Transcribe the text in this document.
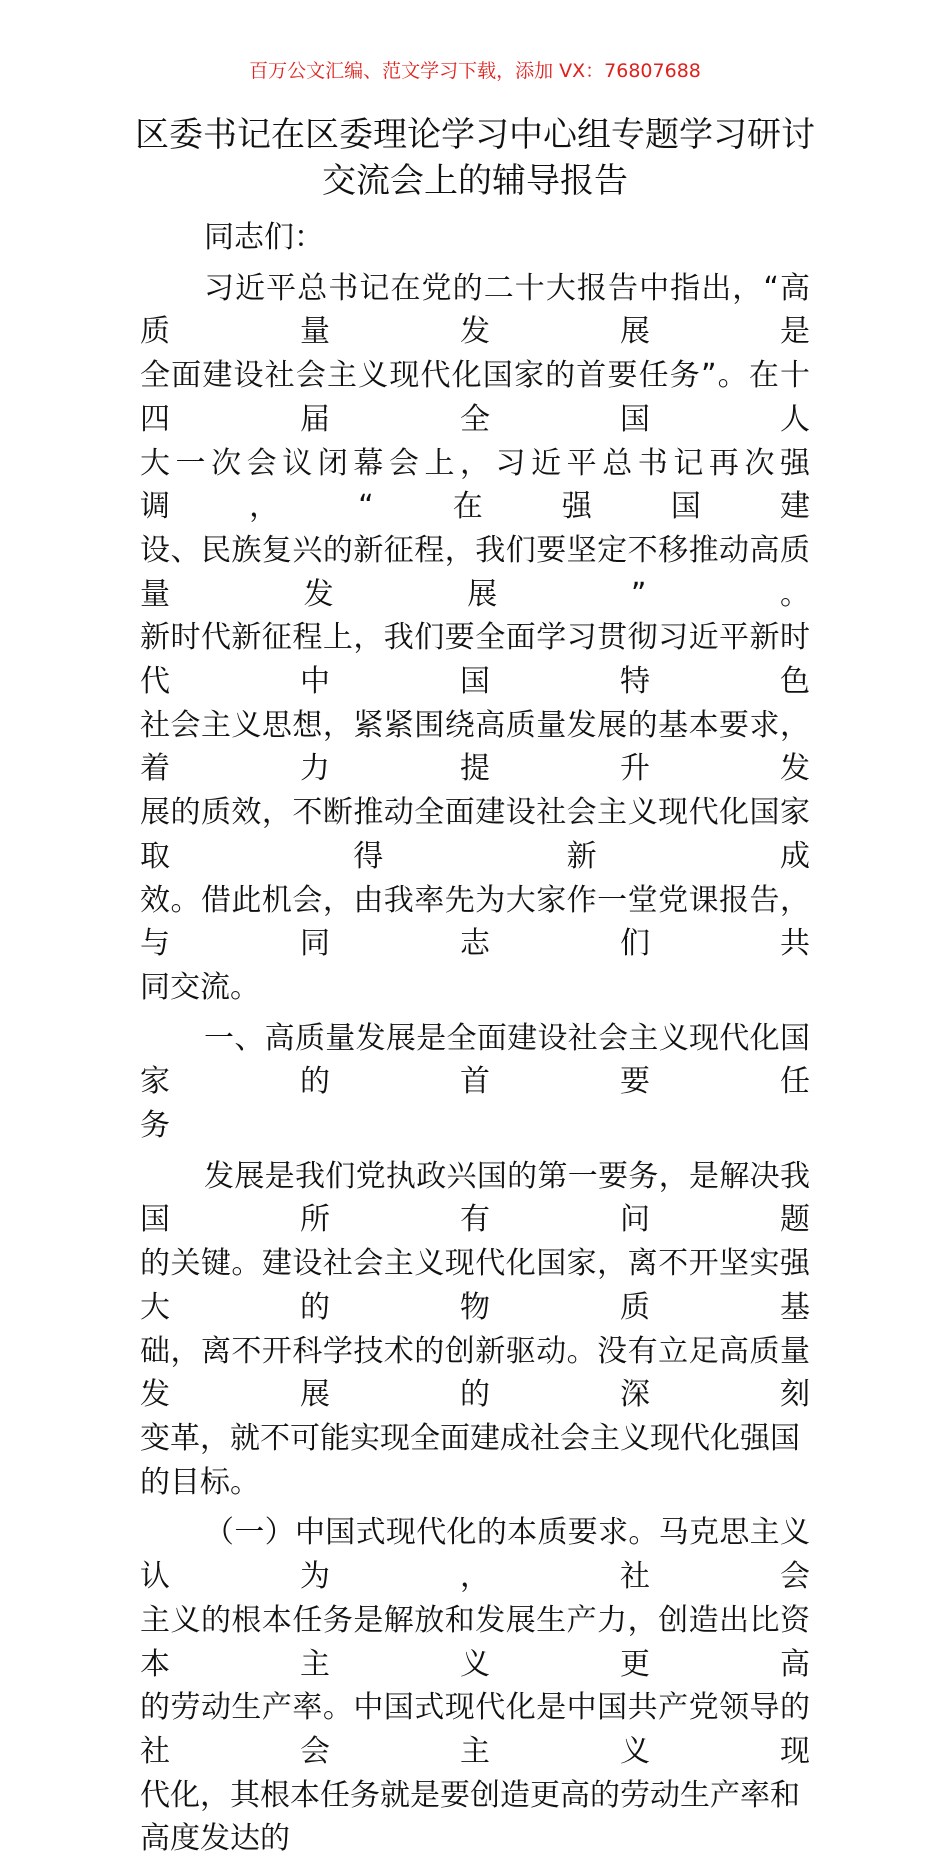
百万公文汇编、范文学习下载，添加 VX：76807688
区委书记在区委理论学习中心组专题学习研讨
交流会上的辅导报告
同志们：
习近平总书记在党的二十大报告中指出，“高质量发展是
全面建设社会主义现代化国家的首要任务”。在十四届全国人
大一次会议闭幕会上，习近平总书记再次强调，“在强国建
设、民族复兴的新征程，我们要坚定不移推动高质量发展”。
新时代新征程上，我们要全面学习贯彻习近平新时代中国特色
社会主义思想，紧紧围绕高质量发展的基本要求，着力提升发
展的质效，不断推动全面建设社会主义现代化国家取得新成
效。借此机会，由我率先为大家作一堂党课报告，与同志们共
同交流。
一、高质量发展是全面建设社会主义现代化国家的首要任
务
发展是我们党执政兴国的第一要务，是解决我国所有问题
的关键。建设社会主义现代化国家，离不开坚实强大的物质基
础，离不开科学技术的创新驱动。没有立足高质量发展的深刻
变革，就不可能实现全面建成社会主义现代化强国的目标。
（一）中国式现代化的本质要求。马克思主义认为，社会
主义的根本任务是解放和发展生产力，创造出比资本主义更高
的劳动生产率。中国式现代化是中国共产党领导的社会主义现
代化，其根本任务就是要创造更高的劳动生产率和高度发达的
